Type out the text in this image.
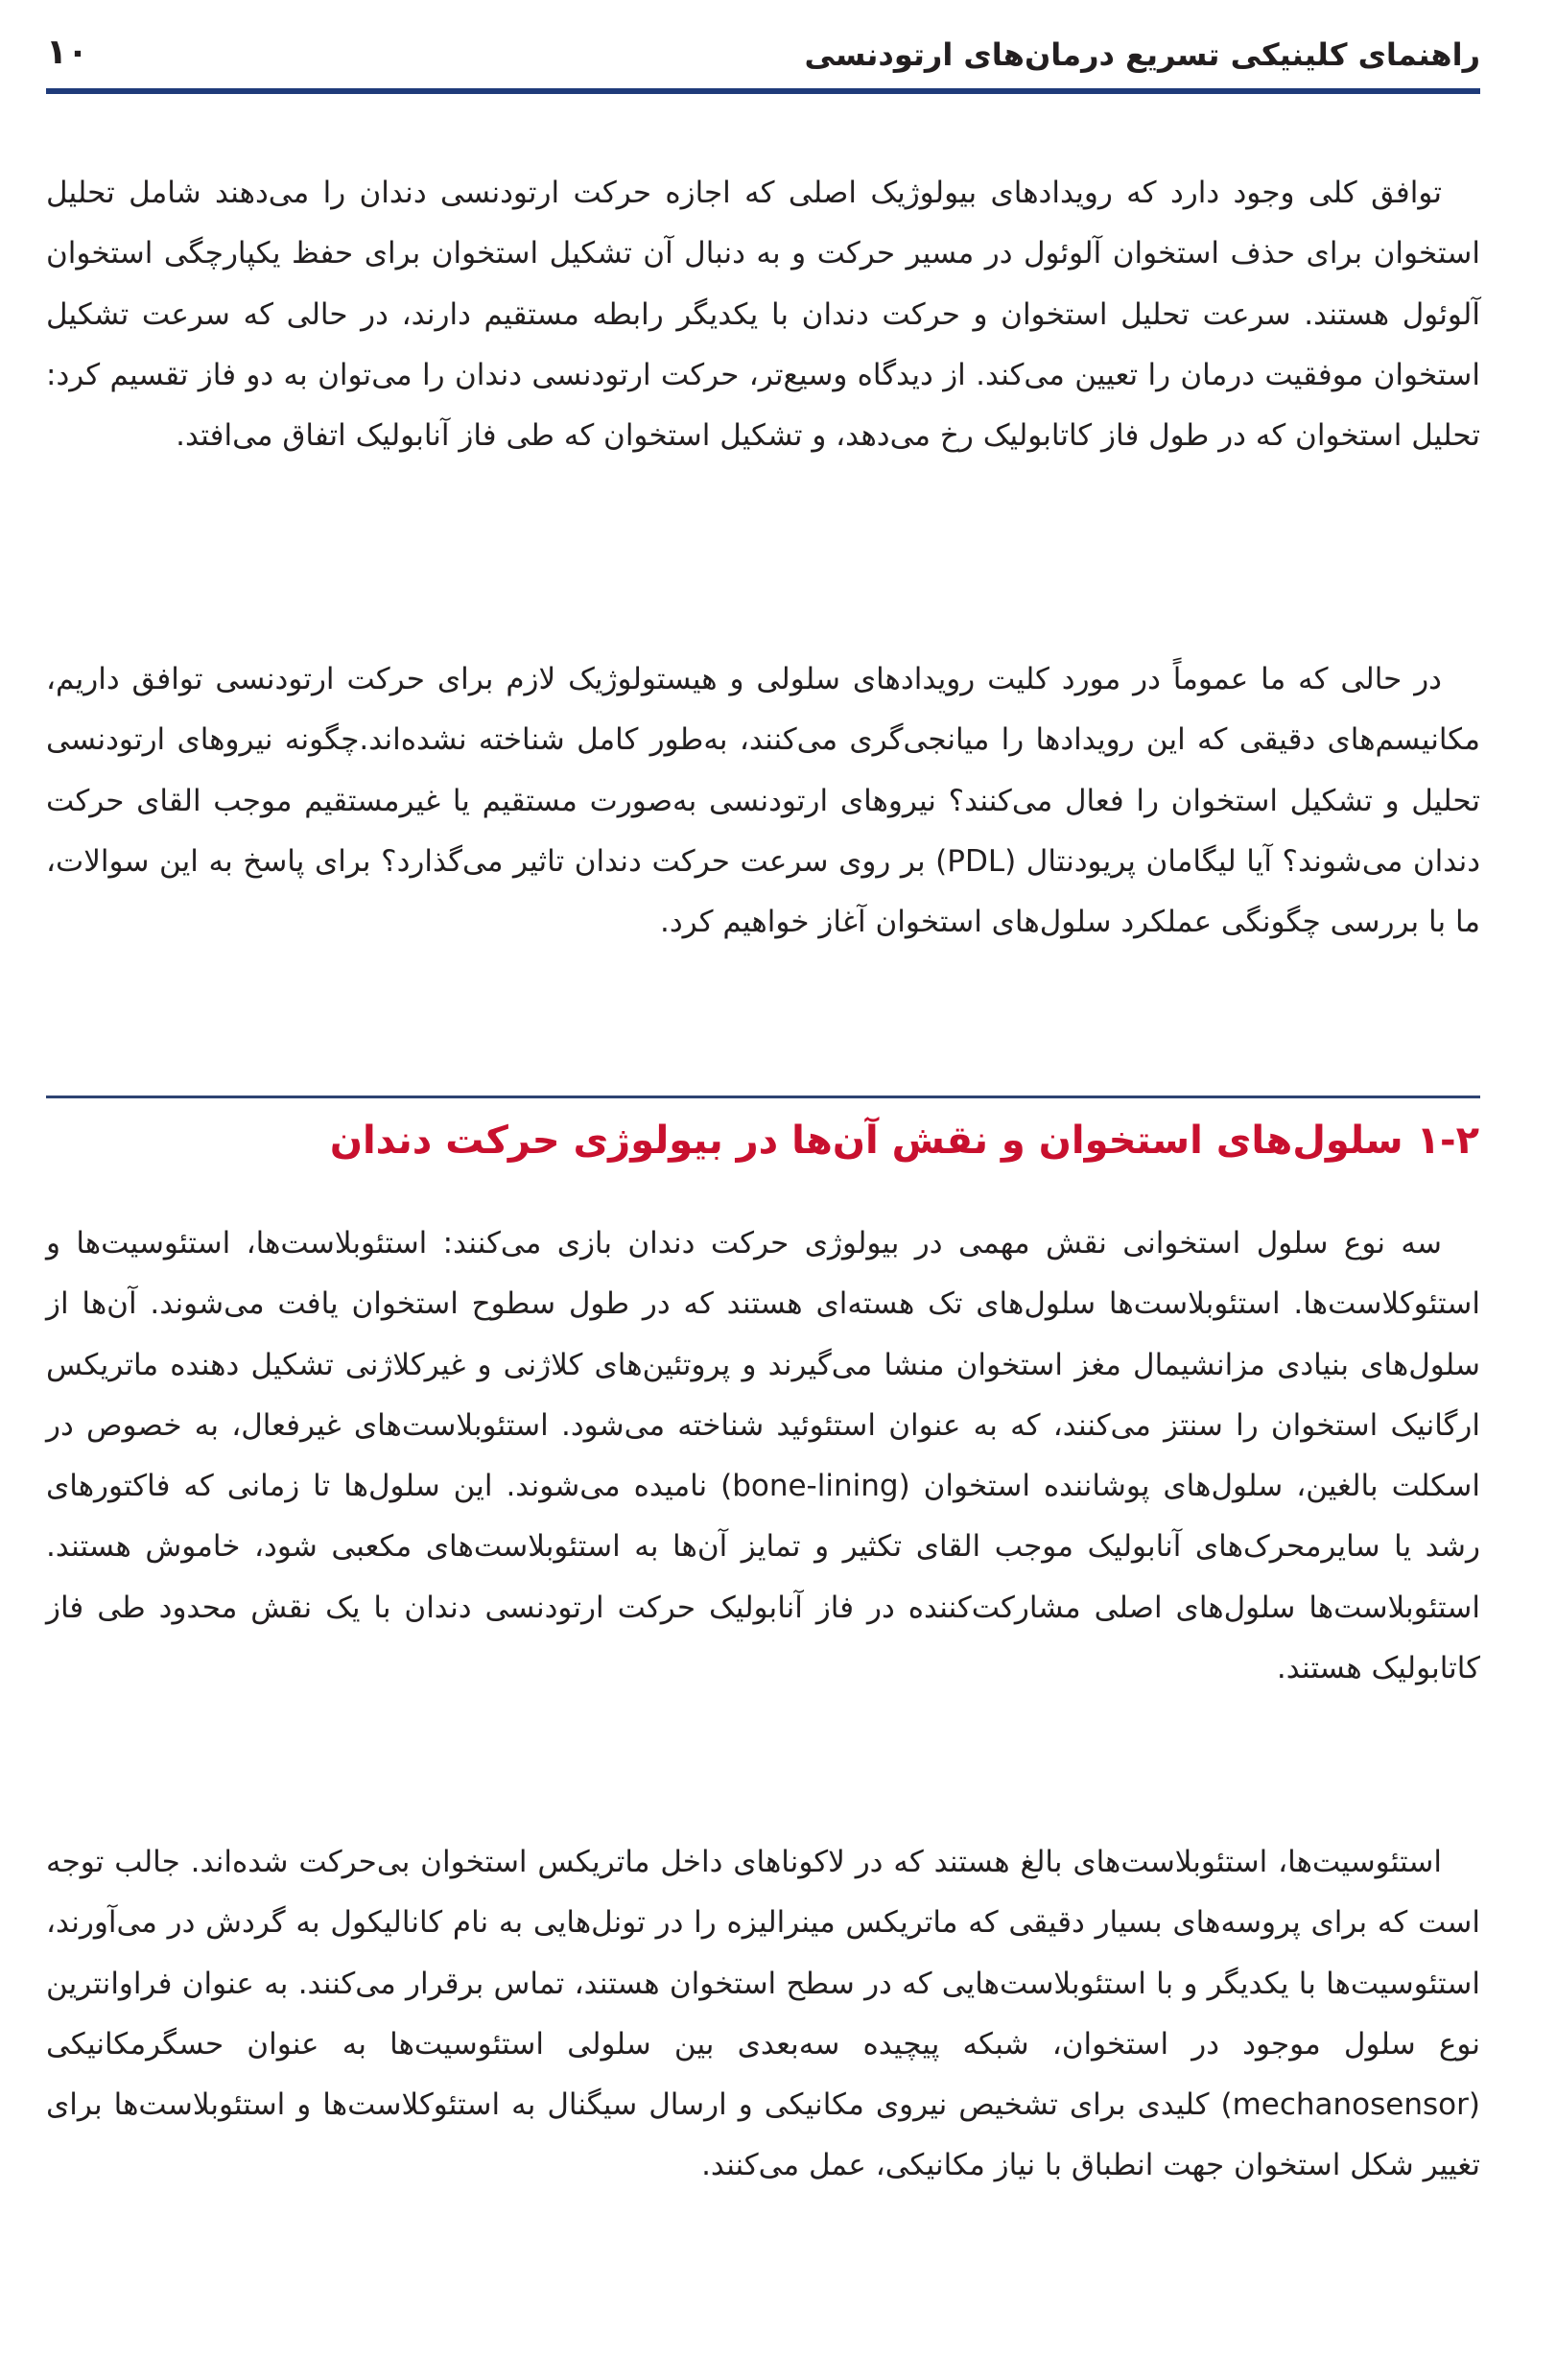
۱۰	راهنمای کلینیکی تسریع درمان‌های ارتودنسی

توافق کلی وجود دارد که رویدادهای بیولوژیک اصلی که اجازه حرکت ارتودنسی دندان را می‌دهند شامل تحلیل استخوان برای حذف استخوان آلوئول در مسیر حرکت و به دنبال آن تشکیل استخوان برای حفظ یکپارچگی استخوان آلوئول هستند. سرعت تحلیل استخوان و حرکت دندان با یکدیگر رابطه مستقیم دارند، در حالی که سرعت تشکیل استخوان موفقیت درمان را تعیین می‌کند. از دیدگاه وسیع‌تر، حرکت ارتودنسی دندان را می‌توان به دو فاز تقسیم کرد: تحلیل استخوان که در طول فاز کاتابولیک رخ می‌دهد، و تشکیل استخوان که طی فاز آنابولیک اتفاق می‌افتد.

در حالی که ما عموماً در مورد کلیت رویدادهای سلولی و هیستولوژیک لازم برای حرکت ارتودنسی توافق داریم، مکانیسم‌های دقیقی که این رویدادها را میانجی‌گری می‌کنند، به‌طور کامل شناخته نشده‌اند.چگونه نیروهای ارتودنسی تحلیل و تشکیل استخوان را فعال می‌کنند؟ نیروهای ارتودنسی به‌صورت مستقیم یا غیرمستقیم موجب القای حرکت دندان می‌شوند؟ آیا لیگامان پریودنتال (PDL) بر روی سرعت حرکت دندان تاثیر می‌گذارد؟ برای پاسخ به این سوالات، ما با بررسی چگونگی عملکرد سلول‌های استخوان آغاز خواهیم کرد.

۱-۲ سلول‌های استخوان و نقش آن‌ها در بیولوژی حرکت دندان

سه نوع سلول استخوانی نقش مهمی در بیولوژی حرکت دندان بازی می‌کنند: استئوبلاست‌ها، استئوسیت‌ها و استئوکلاست‌ها. استئوبلاست‌ها سلول‌های تک هسته‌ای هستند که در طول سطوح استخوان یافت می‌شوند. آن‌ها از سلول‌های بنیادی مزانشیمال مغز استخوان منشا می‌گیرند و پروتئین‌های کلاژنی و غیرکلاژنی تشکیل دهنده ماتریکس ارگانیک استخوان را سنتز می‌کنند، که به عنوان استئوئید شناخته می‌شود. استئوبلاست‌های غیرفعال، به خصوص در اسکلت بالغین، سلول‌های پوشاننده استخوان (bone-lining) نامیده می‌شوند. این سلول‌ها تا زمانی که فاکتورهای رشد یا سایرمحرک‌های آنابولیک موجب القای تکثیر و تمایز آن‌ها به استئوبلاست‌های مکعبی شود، خاموش هستند. استئوبلاست‌ها سلول‌های اصلی مشارکت‌کننده در فاز آنابولیک حرکت ارتودنسی دندان با یک نقش محدود طی فاز کاتابولیک هستند.

استئوسیت‌ها، استئوبلاست‌های بالغ هستند که در لاکوناهای داخل ماتریکس استخوان بی‌حرکت شده‌اند. جالب توجه است که برای پروسه‌های بسیار دقیقی که ماتریکس مینرالیزه را در تونل‌هایی به نام کانالیکول به گردش در می‌آورند، استئوسیت‌ها با یکدیگر و با استئوبلاست‌هایی که در سطح استخوان هستند، تماس برقرار می‌کنند. به عنوان فراوانترین نوع سلول موجود در استخوان، شبکه پیچیده سه‌بعدی بین سلولی استئوسیت‌ها به عنوان حسگرمکانیکی (mechanosensor) کلیدی برای تشخیص نیروی مکانیکی و ارسال سیگنال به استئوکلاست‌ها و استئوبلاست‌ها برای تغییر شکل استخوان جهت انطباق با نیاز مکانیکی، عمل می‌کنند.
